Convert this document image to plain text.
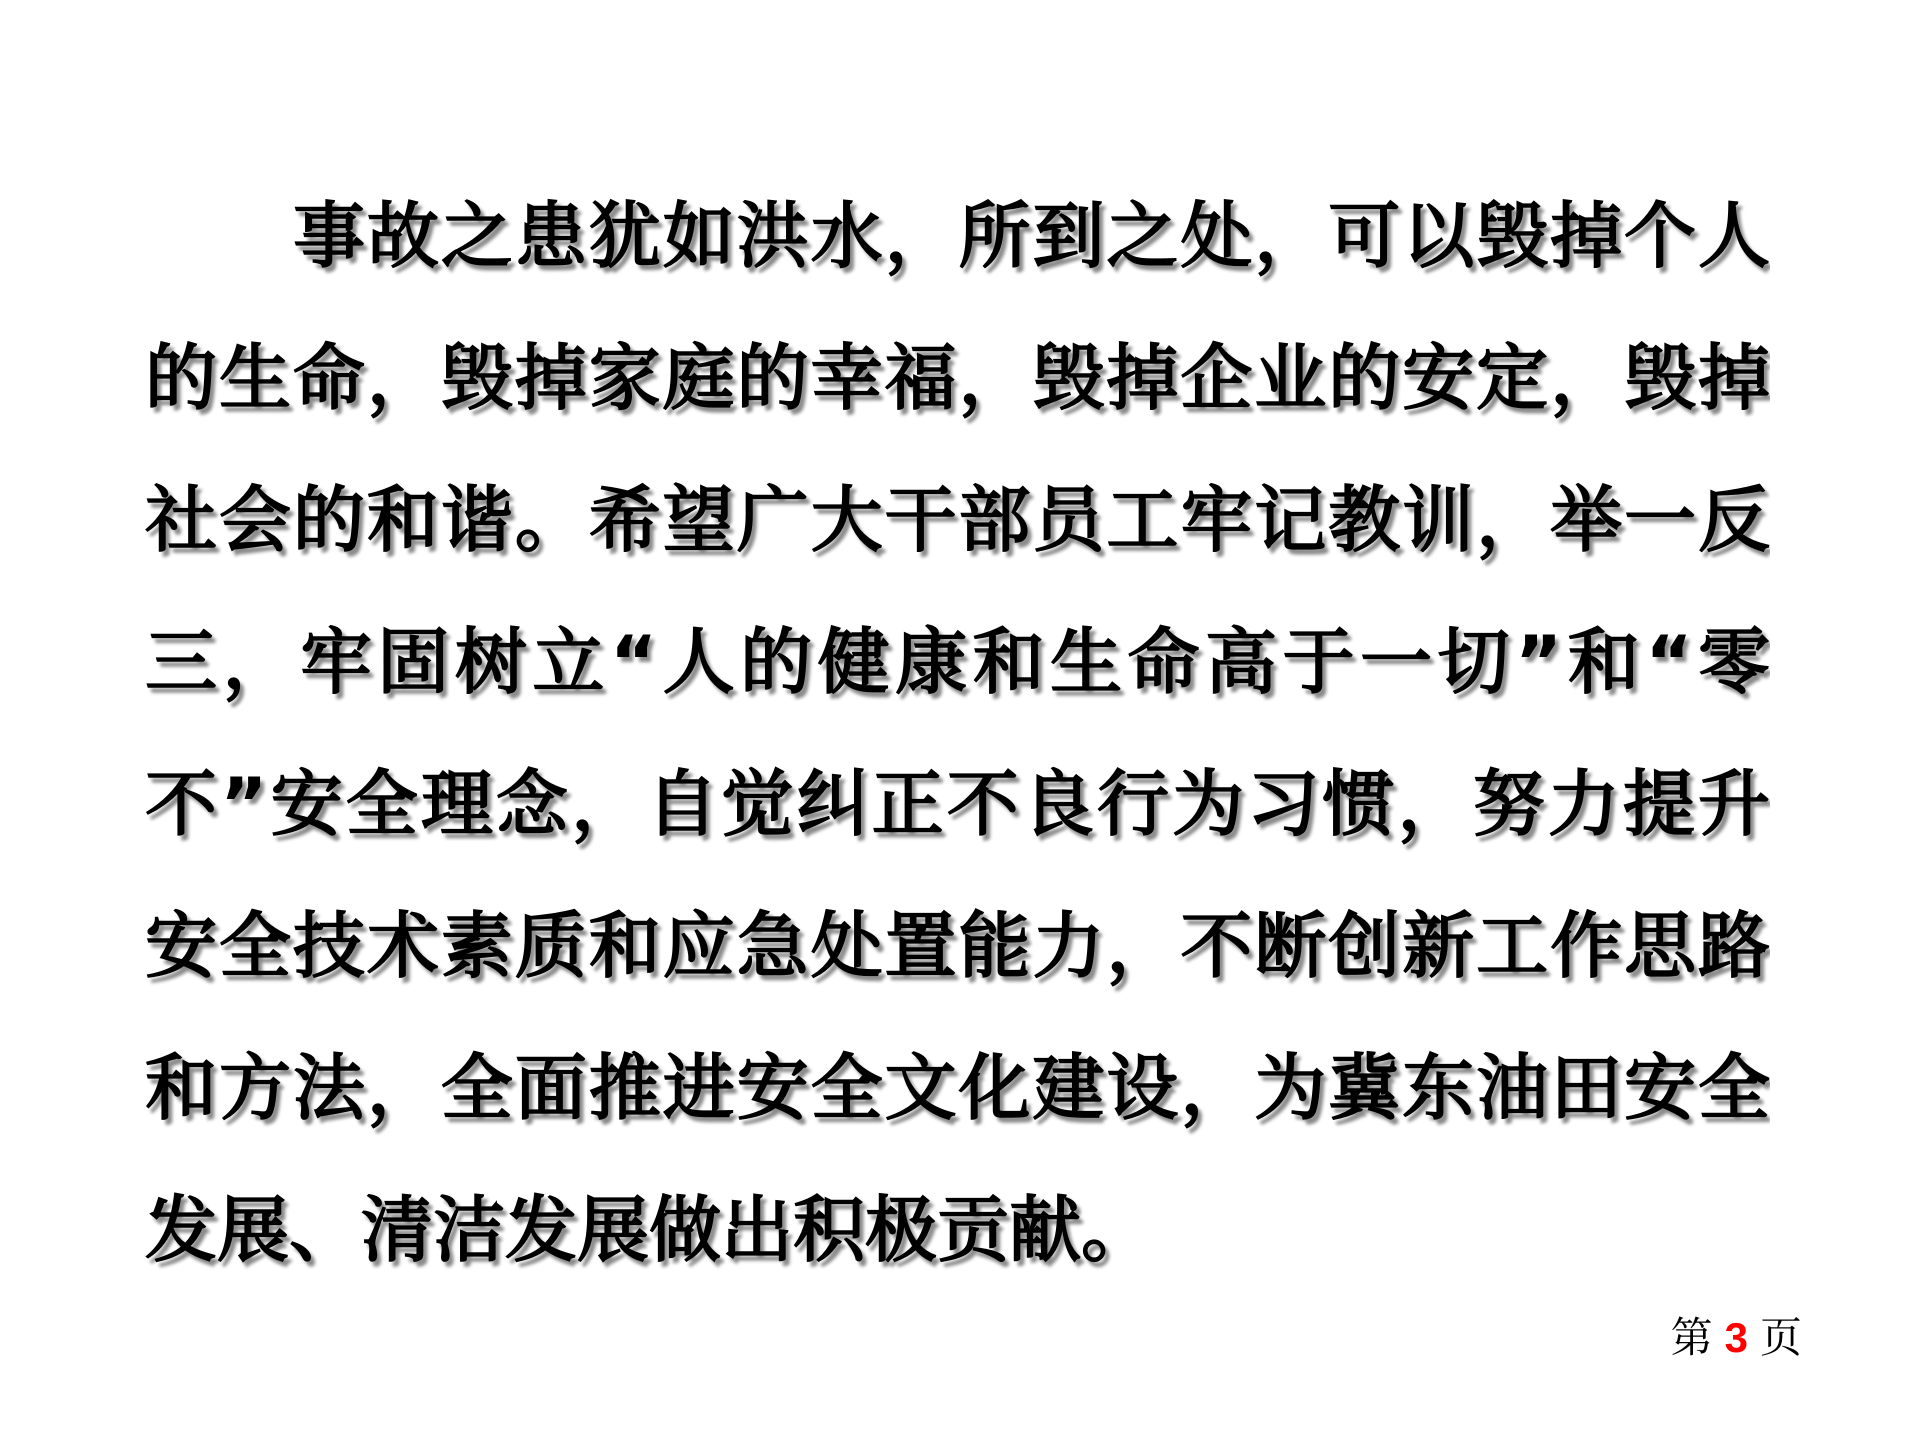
事故之患犹如洪水，所到之处，可以毁掉个人
的生命，毁掉家庭的幸福，毁掉企业的安定，毁掉
社会的和谐。希望广大干部员工牢记教训，举一反
三，牢固树立“人的健康和生命高于一切”和“零
不”安全理念，自觉纠正不良行为习惯，努力提升
安全技术素质和应急处置能力，不断创新工作思路
和方法，全面推进安全文化建设，为冀东油田安全
发展、清洁发展做出积极贡献。
第 3 页
